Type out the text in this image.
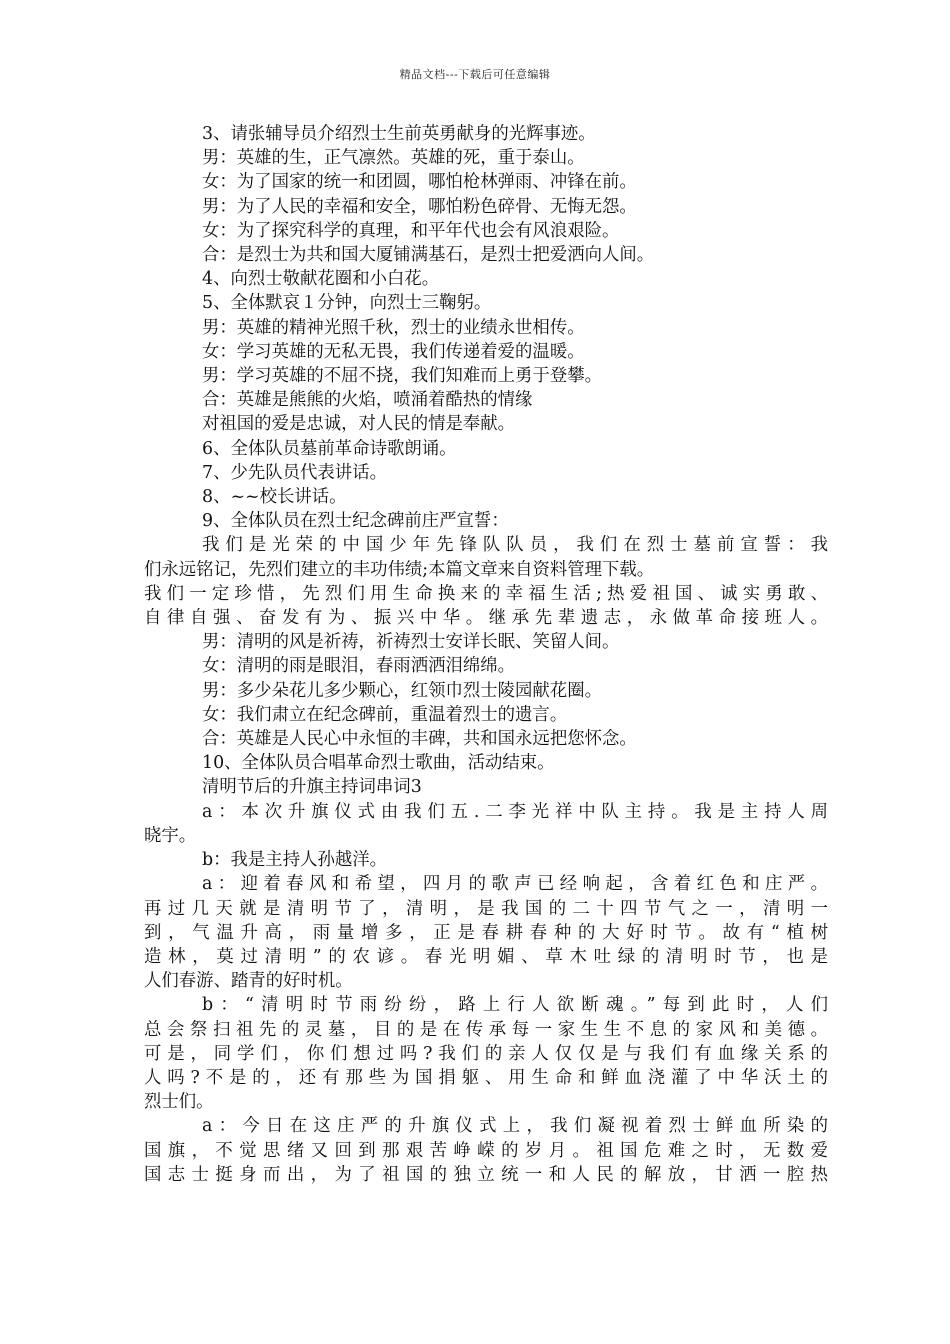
精品文档---下载后可任意编辑
3、请张辅导员介绍烈士生前英勇献身的光辉事迹。
男：英雄的生，正气凛然。英雄的死，重于泰山。
女：为了国家的统一和团圆，哪怕枪林弹雨、冲锋在前。
男：为了人民的幸福和安全，哪怕粉色碎骨、无悔无怨。
女：为了探究科学的真理，和平年代也会有风浪艰险。
合：是烈士为共和国大厦铺满基石，是烈士把爱洒向人间。
4、向烈士敬献花圈和小白花。
5、全体默哀１分钟，向烈士三鞠躬。
男：英雄的精神光照千秋，烈士的业绩永世相传。
女：学习英雄的无私无畏，我们传递着爱的温暖。
男：学习英雄的不屈不挠，我们知难而上勇于登攀。
合：英雄是熊熊的火焰，喷涌着酷热的情缘
对祖国的爱是忠诚，对人民的情是奉献。
6、全体队员墓前革命诗歌朗诵。
7、少先队员代表讲话。
8、~~校长讲话。
9、全体队员在烈士纪念碑前庄严宣誓：
我们是光荣的中国少年先锋队队员，我们在烈士墓前宣誓：我
们永远铭记，先烈们建立的丰功伟绩;本篇文章来自资料管理下载。
我们一定珍惜，先烈们用生命换来的幸福生活;热爱祖国、诚实勇敢、
自律自强、奋发有为、振兴中华。继承先辈遗志，永做革命接班人。
男：清明的风是祈祷，祈祷烈士安详长眠、笑留人间。
女：清明的雨是眼泪，春雨洒洒泪绵绵。
男：多少朵花儿多少颗心，红领巾烈士陵园献花圈。
女：我们肃立在纪念碑前，重温着烈士的遗言。
合：英雄是人民心中永恒的丰碑，共和国永远把您怀念。
10、全体队员合唱革命烈士歌曲，活动结束。
清明节后的升旗主持词串词3
a：本次升旗仪式由我们五.二李光祥中队主持。我是主持人周
晓宇。
b：我是主持人孙越洋。
a：迎着春风和希望，四月的歌声已经响起，含着红色和庄严。
再过几天就是清明节了，清明，是我国的二十四节气之一，清明一
到，气温升高，雨量增多，正是春耕春种的大好时节。故有“植树
造林，莫过清明”的农谚。春光明媚、草木吐绿的清明时节，也是
人们春游、踏青的好时机。
b：“清明时节雨纷纷，路上行人欲断魂。”每到此时，人们
总会祭扫祖先的灵墓，目的是在传承每一家生生不息的家风和美德。
可是，同学们，你们想过吗?我们的亲人仅仅是与我们有血缘关系的
人吗?不是的，还有那些为国捐躯、用生命和鲜血浇灌了中华沃土的
烈士们。
a：今日在这庄严的升旗仪式上，我们凝视着烈士鲜血所染的
国旗，不觉思绪又回到那艰苦峥嵘的岁月。祖国危难之时，无数爱
国志士挺身而出，为了祖国的独立统一和人民的解放，甘洒一腔热
